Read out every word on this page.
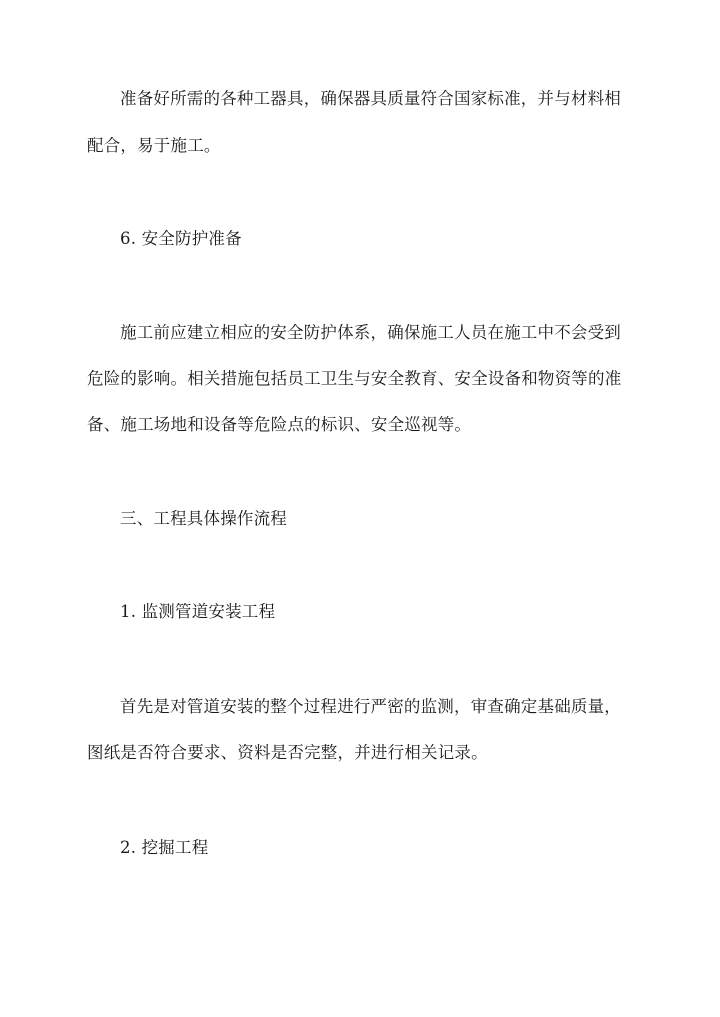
准备好所需的各种工器具，确保器具质量符合国家标准，并与材料相
配合，易于施工。
6. 安全防护准备
施工前应建立相应的安全防护体系，确保施工人员在施工中不会受到
危险的影响。相关措施包括员工卫生与安全教育、安全设备和物资等的准
备、施工场地和设备等危险点的标识、安全巡视等。
三、工程具体操作流程
1. 监测管道安装工程
首先是对管道安装的整个过程进行严密的监测，审查确定基础质量，
图纸是否符合要求、资料是否完整，并进行相关记录。
2. 挖掘工程
